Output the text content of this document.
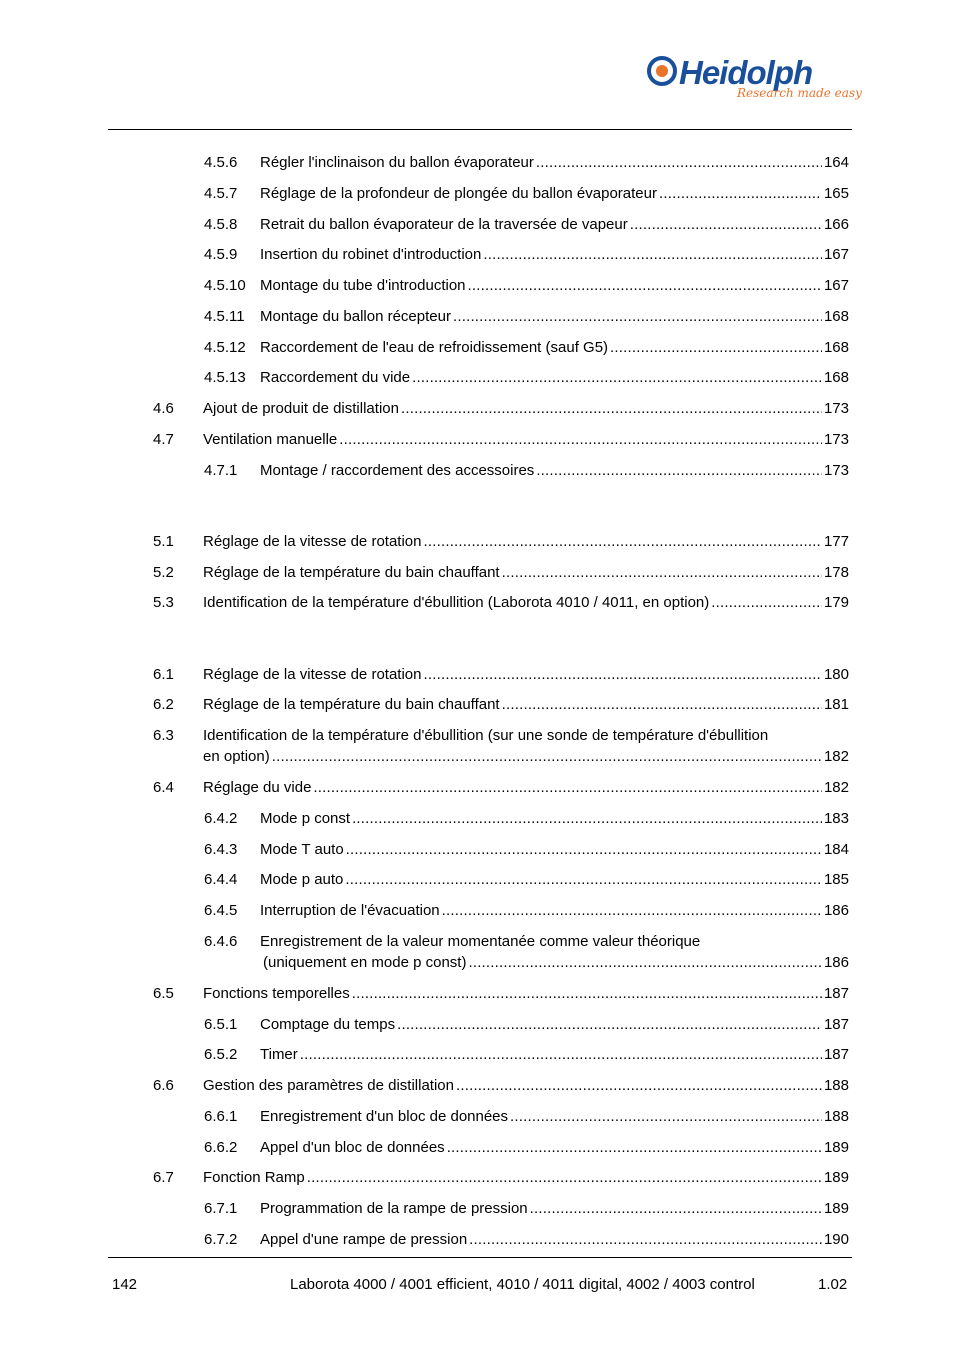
Heidolph
Research made easy
4.5.6 Régler l'inclinaison du ballon évaporateur .....	164
4.5.7 Réglage de la profondeur de plongée du ballon évaporateur .....	165
4.5.8 Retrait du ballon évaporateur de la traversée de vapeur .....	166
4.5.9 Insertion du robinet d'introduction .....	167
4.5.10 Montage du tube d'introduction .....	167
4.5.11 Montage du ballon récepteur .....	168
4.5.12 Raccordement de l'eau de refroidissement (sauf G5) .....	168
4.5.13 Raccordement du vide .....	168
4.6 Ajout de produit de distillation .....	173
4.7 Ventilation manuelle .....	173
4.7.1 Montage / raccordement des accessoires .....	173
5.1 Réglage de la vitesse de rotation .....	177
5.2 Réglage de la température du bain chauffant .....	178
5.3 Identification de la température d'ébullition (Laborota 4010 / 4011, en option) .....	179
6.1 Réglage de la vitesse de rotation .....	180
6.2 Réglage de la température du bain chauffant .....	181
6.3 Identification de la température d'ébullition (sur une sonde de température d'ébullition
en option) .....	182
6.4 Réglage du vide .....	182
6.4.2 Mode p const .....	183
6.4.3 Mode T auto .....	184
6.4.4 Mode p auto .....	185
6.4.5 Interruption de l'évacuation .....	186
6.4.6 Enregistrement de la valeur momentanée comme valeur théorique
(uniquement en mode p const) .....	186
6.5 Fonctions temporelles .....	187
6.5.1 Comptage du temps .....	187
6.5.2 Timer .....	187
6.6 Gestion des paramètres de distillation .....	188
6.6.1 Enregistrement d'un bloc de données .....	188
6.6.2 Appel d'un bloc de données .....	189
6.7 Fonction Ramp .....	189
6.7.1 Programmation de la rampe de pression .....	189
6.7.2 Appel d'une rampe de pression .....	190
142	Laborota 4000 / 4001 efficient, 4010 / 4011 digital, 4002 / 4003 control	1.02
